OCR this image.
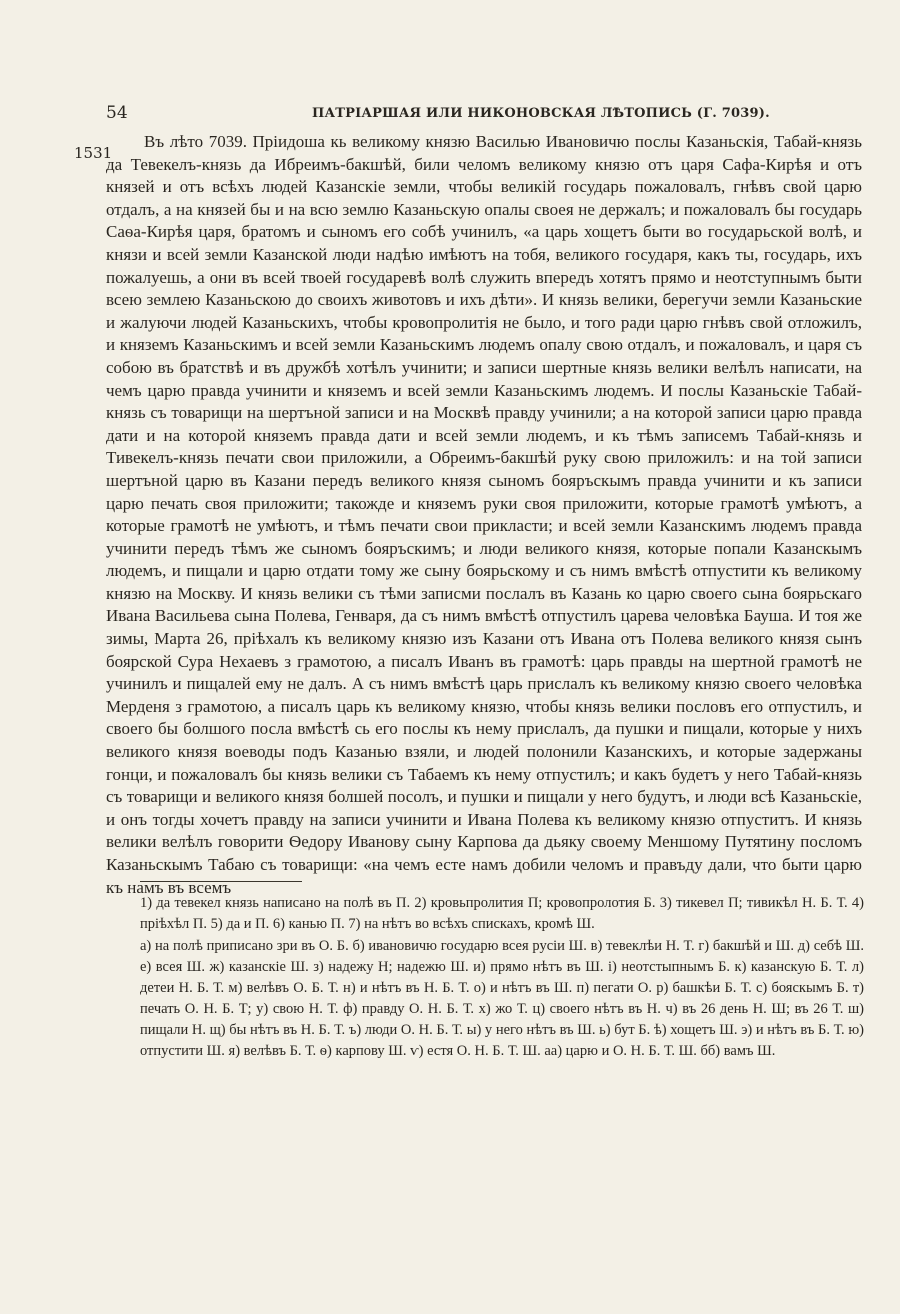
54	ПАТРІАРШАЯ ИЛИ НИКОНОВСКАЯ ЛѢТОПИСЬ (Г. 7039).
1531

Въ лѣто 7039. Пріидоша кь великому князю Василью Ивановичю послы Казаньскія, Табай-князь да Тевекелъ-князь да Ибреимъ-бакшѣй, били челомъ великому князю отъ царя Сафа-Кирѣя и отъ князей и отъ всѣхъ людей Казанскіе земли, чтобы великій государь пожаловалъ, гнѣвъ свой царю отдалъ, а на князей бы и на всю землю Казаньскую опалы своея не держалъ; и пожаловалъ бы государь Саѳа-Кирѣя царя, братомъ и сыномъ его собѣ учинилъ, «а царь хощетъ быти во государьской волѣ, и князи и всей земли Казанской люди надѣю имѣютъ на тобя, великого государя, какъ ты, государь, ихъ пожалуешь, а они въ всей твоей государевѣ волѣ служить впередъ хотятъ прямо и неотступнымъ быти всею землею Казаньскою до своихъ животовъ и ихъ дѣти». И князь велики, берегучи земли Казаньские и жалуючи людей Казаньскихъ, чтобы кровопролитія не было, и того ради царю гнѣвъ свой отложилъ, и княземъ Казаньскимъ и всей земли Казаньскимъ людемъ опалу свою отдалъ, и пожаловалъ, и царя съ собою въ братствѣ и въ дружбѣ хотѣлъ учинити; и записи шертные князь велики велѣлъ написати, на чемъ царю правда учинити и княземъ и всей земли Казаньскимъ людемъ. И послы Казаньскіе Табай-князь съ товарищи на шертъной записи и на Москвѣ правду учинили; а на которой записи царю правда дати и на которой княземъ правда дати и всей земли людемъ, и къ тѣмъ записемъ Табай-князь и Тивекелъ-князь печати свои приложили, а Обреимъ-бакшѣй руку свою приложилъ: и на той записи шертъной царю въ Казани передъ великого князя сыномъ бояръскымъ правда учинити и къ записи царю печать своя приложити; такожде и княземъ руки своя приложити, которые грамотѣ умѣютъ, а которые грамотѣ не умѣютъ, и тѣмъ печати свои приклaсти; и всей земли Казанскимъ людемъ правда учинити передъ тѣмъ же сыномъ бояръскимъ; и люди великого князя, которые попали Казанскымъ людемъ, и пищали и царю отдати тому же сыну боярьскому и съ нимъ вмѣстѣ отпустити къ великому князю на Москву. И князь велики съ тѣми записми послалъ въ Казань ко царю своего сына боярьскаго Ивана Васильева сына Полева, Генваря, да съ нимъ вмѣстѣ отпустилъ царева человѣка Бауша. И тоя же зимы, Марта 26, пріѣхалъ къ великому князю изъ Казани отъ Ивана отъ Полева великого князя сынъ боярской Сура Нехаевъ з грамотою, а писалъ Иванъ въ грамотѣ: царь правды на шертной грамотѣ не учинилъ и пищалей ему не далъ. А съ нимъ вмѣстѣ царь прислалъ къ великому князю своего человѣка Мерденя з грамотою, а писалъ царь къ великому князю, чтобы князь велики пословъ его отпустилъ, и своего бы болшого посла вмѣстѣ сь его послы къ нему прислалъ, да пушки и пищали, которые у нихъ великого князя воеводы подъ Казанью взяли, и людей полонили Казанскихъ, и которые задержаны гонци, и пожаловалъ бы князь велики съ Табаемъ къ нему отпустилъ; и какъ будетъ у него Табай-князь съ товарищи и великого князя болшей посолъ, и пушки и пищали у него будутъ, и люди всѣ Казаньскіе, и онъ тогды хочетъ правду на записи учинити и Ивана Полева къ великому князю отпуститъ. И князь велики велѣлъ говорити Ѳедору Ивановy сыну Карпова да дьяку своему Меншому Путятину посломъ Казаньскымъ Табаю съ товарищи: «на чемъ есте намъ добили челомъ и правъду дали, что быти царю къ намъ въ всемъ

1) да тевекел князь написано на полѣ въ П. 2) кровьпролития П; кровопролотия Б. 3) тикевел П; тивикѣл Н. Б. Т. 4) пріѣхѣл П. 5) да и П. 6) канью П. 7) на нѣтъ во всѣхъ спискахъ, кромѣ Ш.

а) на полѣ приписано зри въ О. Б. б) ивановичю государю всея русіи Ш. в) тевеклѣи Н. Т. г) бакшѣй и Ш. д) себѣ Ш. е) всея Ш. ж) казанскіе Ш. з) надежу Н; надежю Ш. и) прямо нѣтъ въ Ш. і) неотстыпнымъ Б. к) казанскую Б. Т. л) детеи Н. Б. Т. м) велѣвъ О. Б. Т. н) и нѣтъ въ Н. Б. Т. о) и нѣтъ въ Ш. п) пегати О. р) башкѣи Б. Т. с) бояскымъ Б. т) печать О. Н. Б. Т; у) свою Н. Т. ф) правду О. Н. Б. Т. х) жо Т. ц) своего нѣтъ въ Н. ч) въ 26 день Н. Ш; въ 26 Т. ш) пищали Н. щ) бы нѣтъ въ Н. Б. Т. ъ) люди О. Н. Б. Т. ы) у него нѣтъ въ Ш. ь) бут Б. ѣ) хощетъ Ш. э) и нѣтъ въ Б. Т. ю) отпустити Ш. я) велѣвъ Б. Т. ѳ) карпову Ш. ѵ) естя О. Н. Б. Т. Ш. аа) царю и О. Н. Б. Т. Ш. бб) вамъ Ш.
